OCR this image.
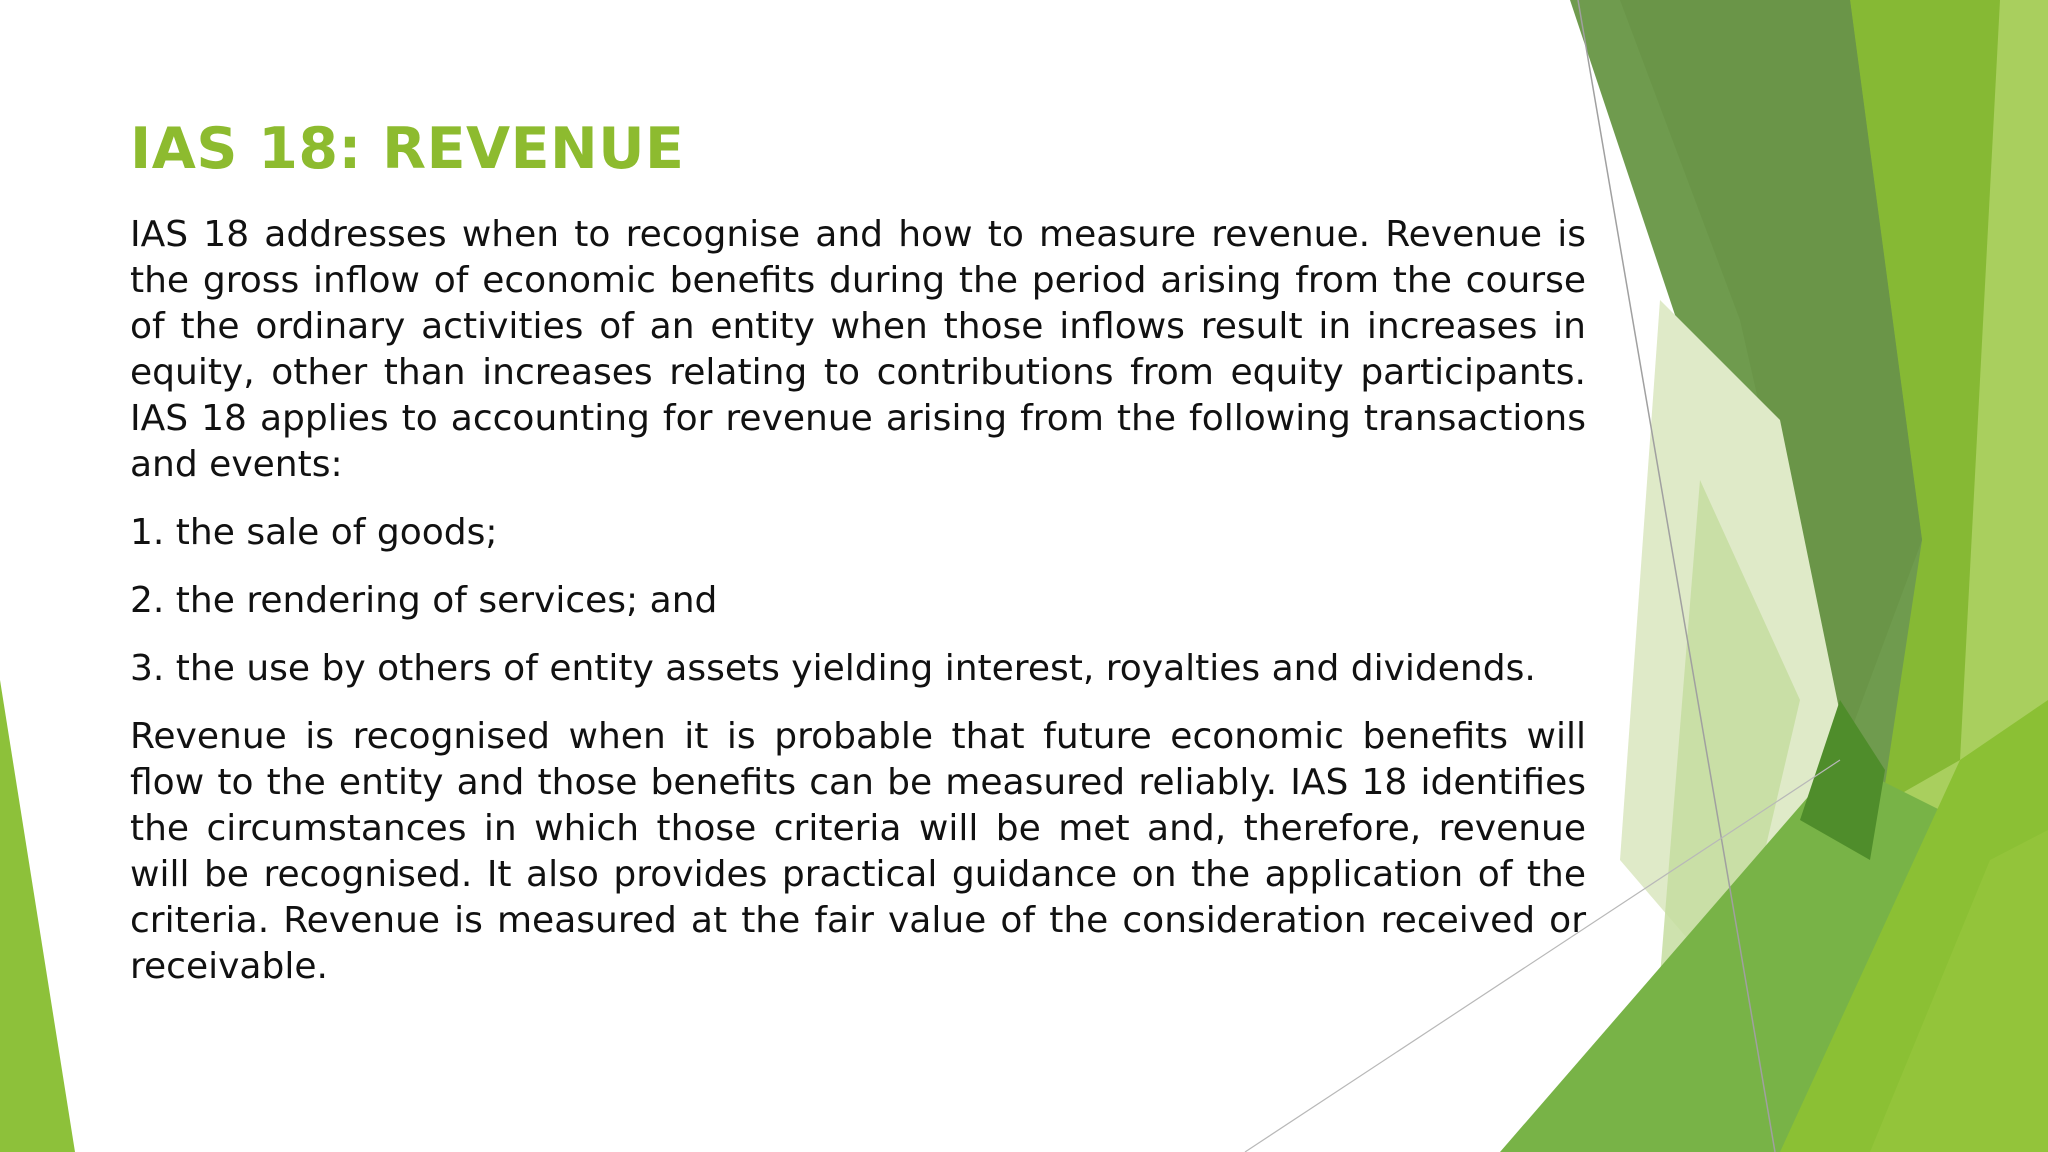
IAS 18: REVENUE

IAS 18 addresses when to recognise and how to measure revenue. Revenue is the gross inflow of economic benefits during the period arising from the course of the ordinary activities of an entity when those inflows result in increases in equity, other than increases relating to contributions from equity participants. IAS 18 applies to accounting for revenue arising from the following transactions and events:

1. the sale of goods;

2. the rendering of services; and

3. the use by others of entity assets yielding interest, royalties and dividends.

Revenue is recognised when it is probable that future economic benefits will flow to the entity and those benefits can be measured reliably. IAS 18 identifies the circumstances in which those criteria will be met and, therefore, revenue will be recognised. It also provides practical guidance on the application of the criteria. Revenue is measured at the fair value of the consideration received or receivable.
